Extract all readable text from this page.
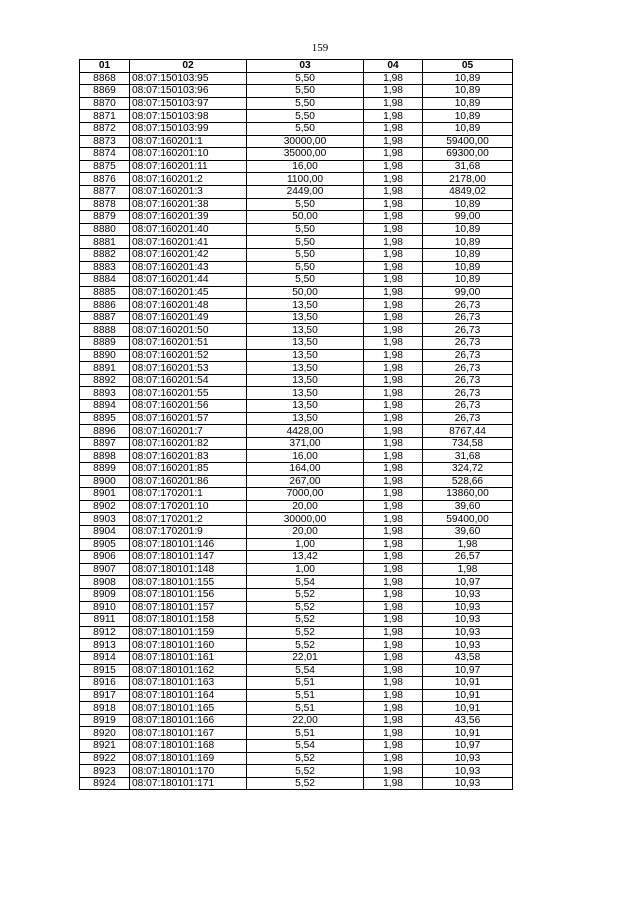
159
01	02	03	04	05
8868	08:07:150103:95	5,50	1,98	10,89
8869	08:07:150103:96	5,50	1,98	10,89
8870	08:07:150103:97	5,50	1,98	10,89
8871	08:07:150103:98	5,50	1,98	10,89
8872	08:07:150103:99	5,50	1,98	10,89
8873	08:07:160201:1	30000,00	1,98	59400,00
8874	08:07:160201:10	35000,00	1,98	69300,00
8875	08:07:160201:11	16,00	1,98	31,68
8876	08:07:160201:2	1100,00	1,98	2178,00
8877	08:07:160201:3	2449,00	1,98	4849,02
8878	08:07:160201:38	5,50	1,98	10,89
8879	08:07:160201:39	50,00	1,98	99,00
8880	08:07:160201:40	5,50	1,98	10,89
8881	08:07:160201:41	5,50	1,98	10,89
8882	08:07:160201:42	5,50	1,98	10,89
8883	08:07:160201:43	5,50	1,98	10,89
8884	08:07:160201:44	5,50	1,98	10,89
8885	08:07:160201:45	50,00	1,98	99,00
8886	08:07:160201:48	13,50	1,98	26,73
8887	08:07:160201:49	13,50	1,98	26,73
8888	08:07:160201:50	13,50	1,98	26,73
8889	08:07:160201:51	13,50	1,98	26,73
8890	08:07:160201:52	13,50	1,98	26,73
8891	08:07:160201:53	13,50	1,98	26,73
8892	08:07:160201:54	13,50	1,98	26,73
8893	08:07:160201:55	13,50	1,98	26,73
8894	08:07:160201:56	13,50	1,98	26,73
8895	08:07:160201:57	13,50	1,98	26,73
8896	08:07:160201:7	4428,00	1,98	8767,44
8897	08:07:160201:82	371,00	1,98	734,58
8898	08:07:160201:83	16,00	1,98	31,68
8899	08:07:160201:85	164,00	1,98	324,72
8900	08:07:160201:86	267,00	1,98	528,66
8901	08:07:170201:1	7000,00	1,98	13860,00
8902	08:07:170201:10	20,00	1,98	39,60
8903	08:07:170201:2	30000,00	1,98	59400,00
8904	08:07:170201:9	20,00	1,98	39,60
8905	08:07:180101:146	1,00	1,98	1,98
8906	08:07:180101:147	13,42	1,98	26,57
8907	08:07:180101:148	1,00	1,98	1,98
8908	08:07:180101:155	5,54	1,98	10,97
8909	08:07:180101:156	5,52	1,98	10,93
8910	08:07:180101:157	5,52	1,98	10,93
8911	08:07:180101:158	5,52	1,98	10,93
8912	08:07:180101:159	5,52	1,98	10,93
8913	08:07:180101:160	5,52	1,98	10,93
8914	08:07:180101:161	22,01	1,98	43,58
8915	08:07:180101:162	5,54	1,98	10,97
8916	08:07:180101:163	5,51	1,98	10,91
8917	08:07:180101:164	5,51	1,98	10,91
8918	08:07:180101:165	5,51	1,98	10,91
8919	08:07:180101:166	22,00	1,98	43,56
8920	08:07:180101:167	5,51	1,98	10,91
8921	08:07:180101:168	5,54	1,98	10,97
8922	08:07:180101:169	5,52	1,98	10,93
8923	08:07:180101:170	5,52	1,98	10,93
8924	08:07:180101:171	5,52	1,98	10,93
